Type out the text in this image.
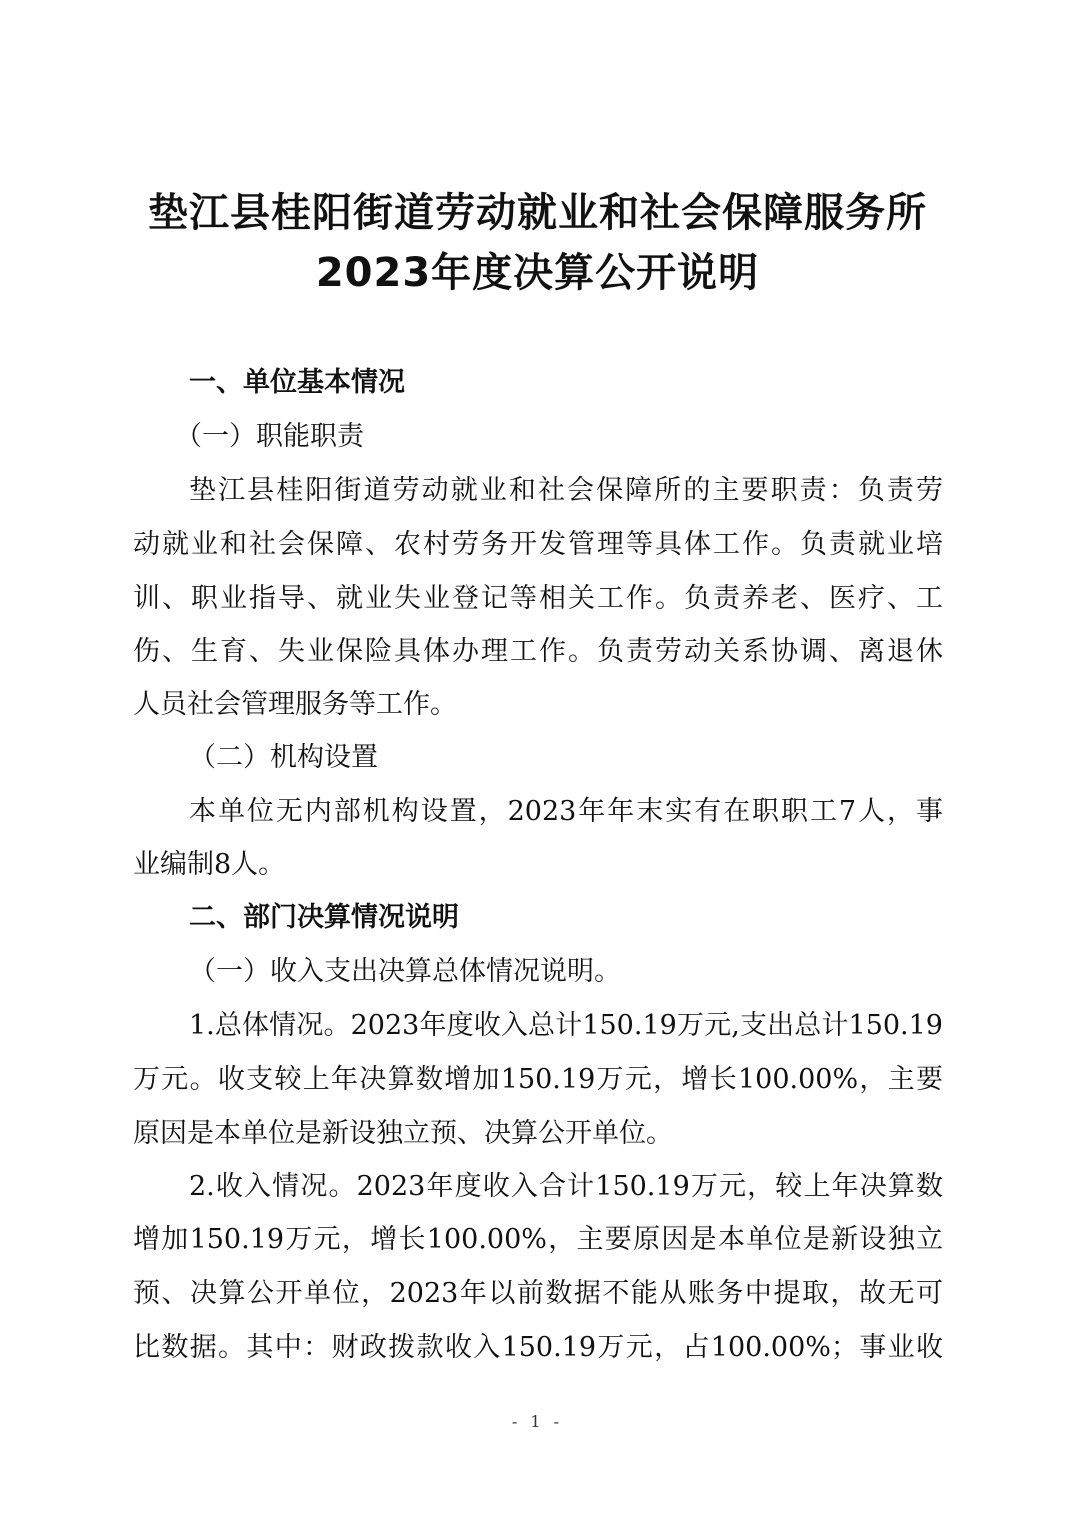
垫江县桂阳街道劳动就业和社会保障服务所
2023年度决算公开说明
一、单位基本情况
（一）职能职责
垫江县桂阳街道劳动就业和社会保障所的主要职责：负责劳
动就业和社会保障、农村劳务开发管理等具体工作。负责就业培
训、职业指导、就业失业登记等相关工作。负责养老、医疗、工
伤、生育、失业保险具体办理工作。负责劳动关系协调、离退休
人员社会管理服务等工作。
（二）机构设置
本单位无内部机构设置，2023年年末实有在职职工7人，事
业编制8人。
二、部门决算情况说明
（一）收入支出决算总体情况说明。
1.总体情况。2023年度收入总计150.19万元,支出总计150.19
万元。收支较上年决算数增加150.19万元，增长100.00%，主要
原因是本单位是新设独立预、决算公开单位。
2.收入情况。2023年度收入合计150.19万元，较上年决算数
增加150.19万元，增长100.00%，主要原因是本单位是新设独立
预、决算公开单位，2023年以前数据不能从账务中提取，故无可
比数据。其中：财政拨款收入150.19万元，占100.00%；事业收
- 1 -
